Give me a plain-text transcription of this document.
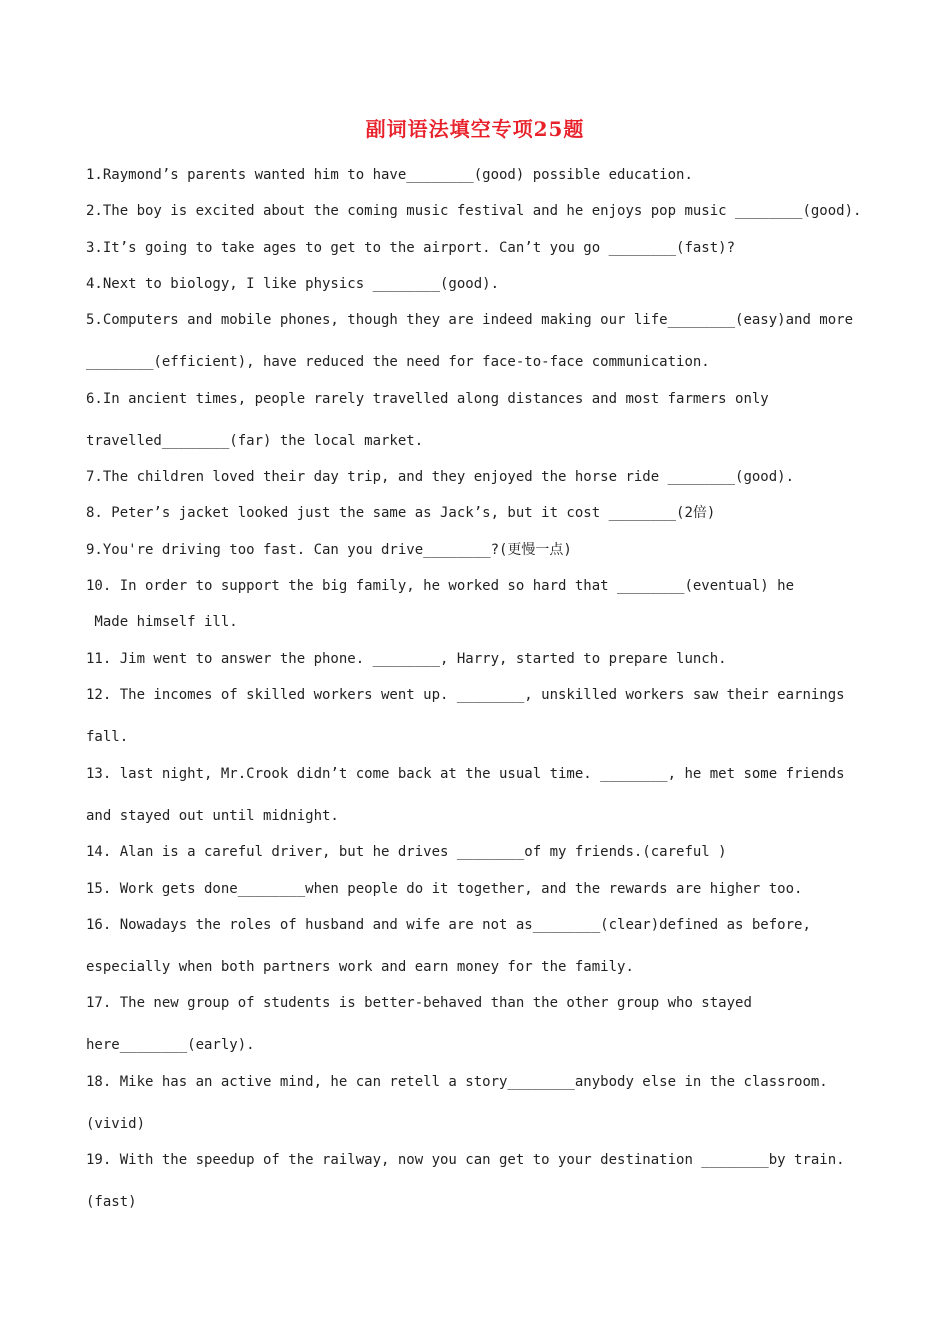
副词语法填空专项25题
1.Raymond’s parents wanted him to have________(good) possible education.
2.The boy is excited about the coming music festival and he enjoys pop music ________(good).
3.It’s going to take ages to get to the airport. Can’t you go ________(fast)?
4.Next to biology, I like physics ________(good).
5.Computers and mobile phones, though they are indeed making our life________(easy)and more
________(efficient), have reduced the need for face-to-face communication.
6.In ancient times, people rarely travelled along distances and most farmers only
travelled________(far) the local market.
7.The children loved their day trip, and they enjoyed the horse ride ________(good).
8. Peter’s jacket looked just the same as Jack’s, but it cost ________(2倍)
9.You're driving too fast. Can you drive________?(更慢一点)
10. In order to support the big family, he worked so hard that ________(eventual) he
Made himself ill.
11. Jim went to answer the phone. ________, Harry, started to prepare lunch.
12. The incomes of skilled workers went up. ________, unskilled workers saw their earnings
fall.
13. last night, Mr.Crook didn’t come back at the usual time. ________, he met some friends
and stayed out until midnight.
14. Alan is a careful driver, but he drives ________of my friends.(careful )
15. Work gets done________when people do it together, and the rewards are higher too.
16. Nowadays the roles of husband and wife are not as________(clear)defined as before,
especially when both partners work and earn money for the family.
17. The new group of students is better-behaved than the other group who stayed
here________(early).
18. Mike has an active mind, he can retell a story________anybody else in the classroom.
(vivid)
19. With the speedup of the railway, now you can get to your destination ________by train.
(fast)
